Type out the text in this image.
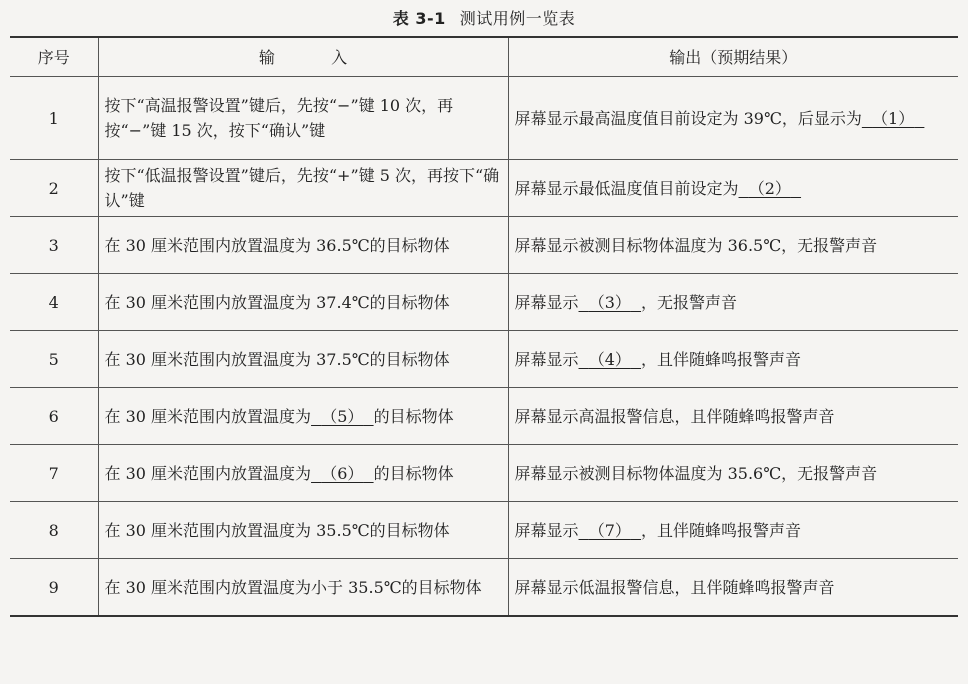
表 3-1 测试用例一览表
序号	输 入	输出（预期结果）
1	按下“高温报警设置”键后，先按“−”键 10 次，再按“−”键 15 次，按下“确认”键	屏幕显示最高温度值目前设定为 39℃，后显示为 （1）
2	按下“低温报警设置”键后，先按“+”键 5 次，再按下“确认”键	屏幕显示最低温度值目前设定为 （2）
3	在 30 厘米范围内放置温度为 36.5℃的目标物体	屏幕显示被测目标物体温度为 36.5℃，无报警声音
4	在 30 厘米范围内放置温度为 37.4℃的目标物体	屏幕显示 （3） ，无报警声音
5	在 30 厘米范围内放置温度为 37.5℃的目标物体	屏幕显示 （4） ，且伴随蜂鸣报警声音
6	在 30 厘米范围内放置温度为 （5） 的目标物体	屏幕显示高温报警信息，且伴随蜂鸣报警声音
7	在 30 厘米范围内放置温度为 （6） 的目标物体	屏幕显示被测目标物体温度为 35.6℃，无报警声音
8	在 30 厘米范围内放置温度为 35.5℃的目标物体	屏幕显示 （7） ，且伴随蜂鸣报警声音
9	在 30 厘米范围内放置温度为小于 35.5℃的目标物体	屏幕显示低温报警信息，且伴随蜂鸣报警声音
